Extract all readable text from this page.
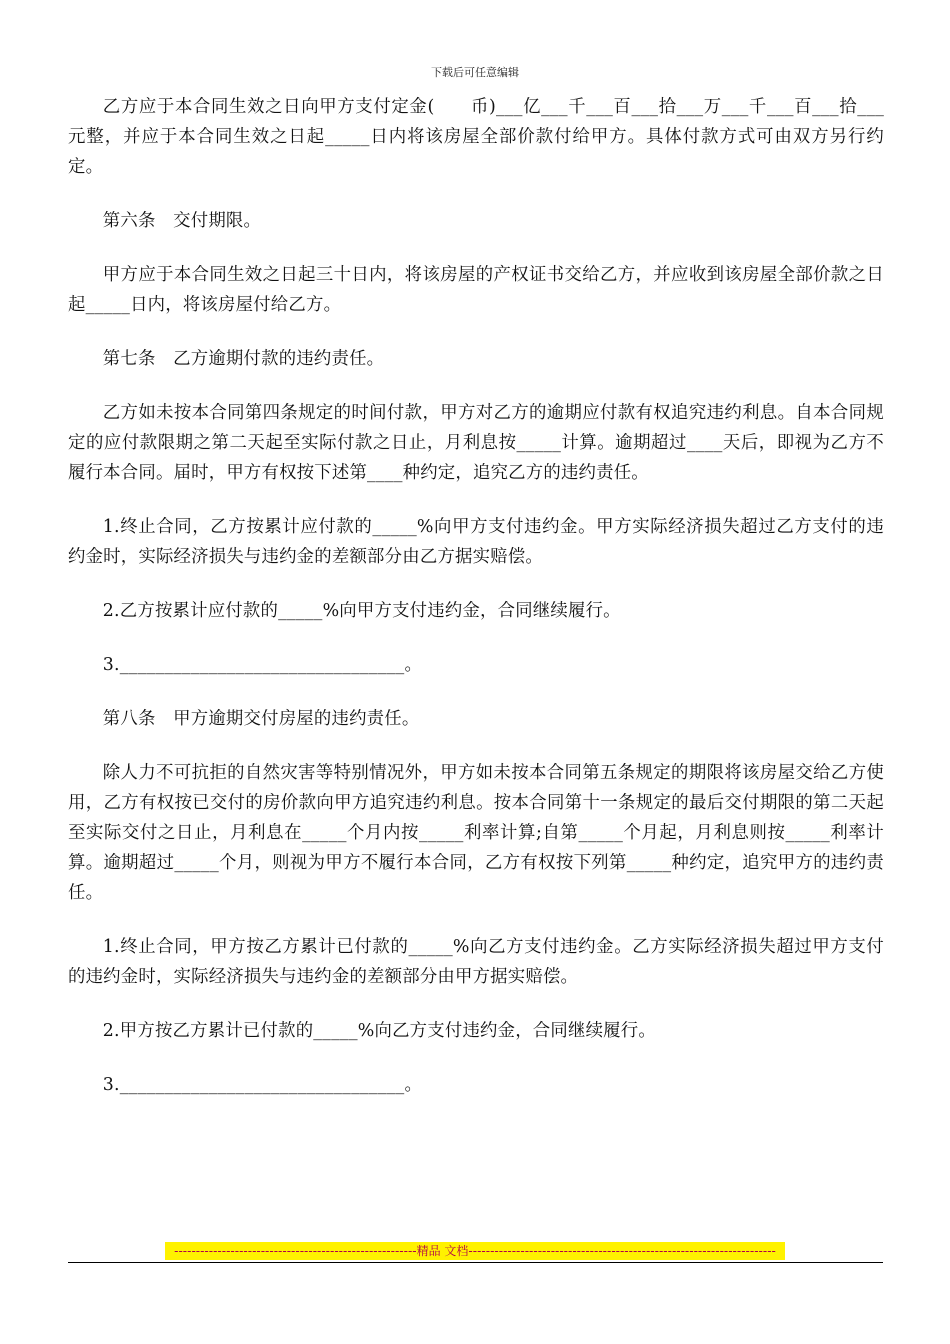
下载后可任意编辑

乙方应于本合同生效之日向甲方支付定金(　　币)___亿___千___百___拾___万___千___百___拾___元整，并应于本合同生效之日起_____日内将该房屋全部价款付给甲方。具体付款方式可由双方另行约定。

第六条　交付期限。

甲方应于本合同生效之日起三十日内，将该房屋的产权证书交给乙方，并应收到该房屋全部价款之日起_____日内，将该房屋付给乙方。

第七条　乙方逾期付款的违约责任。

乙方如未按本合同第四条规定的时间付款，甲方对乙方的逾期应付款有权追究违约利息。自本合同规定的应付款限期之第二天起至实际付款之日止，月利息按_____计算。逾期超过____天后，即视为乙方不履行本合同。届时，甲方有权按下述第____种约定，追究乙方的违约责任。

1.终止合同，乙方按累计应付款的_____%向甲方支付违约金。甲方实际经济损失超过乙方支付的违约金时，实际经济损失与违约金的差额部分由乙方据实赔偿。

2.乙方按累计应付款的_____%向甲方支付违约金，合同继续履行。

3.________________________________。

第八条　甲方逾期交付房屋的违约责任。

除人力不可抗拒的自然灾害等特别情况外，甲方如未按本合同第五条规定的期限将该房屋交给乙方使用，乙方有权按已交付的房价款向甲方追究违约利息。按本合同第十一条规定的最后交付期限的第二天起至实际交付之日止，月利息在_____个月内按_____利率计算;自第_____个月起，月利息则按_____利率计算。逾期超过_____个月，则视为甲方不履行本合同，乙方有权按下列第_____种约定，追究甲方的违约责任。

1.终止合同，甲方按乙方累计已付款的_____%向乙方支付违约金。乙方实际经济损失超过甲方支付的违约金时，实际经济损失与违约金的差额部分由甲方据实赔偿。

2.甲方按乙方累计已付款的_____%向乙方支付违约金，合同继续履行。

3.________________________________。

--------------------------------------------------------精品 文档-----------------------------------------------------------------------
